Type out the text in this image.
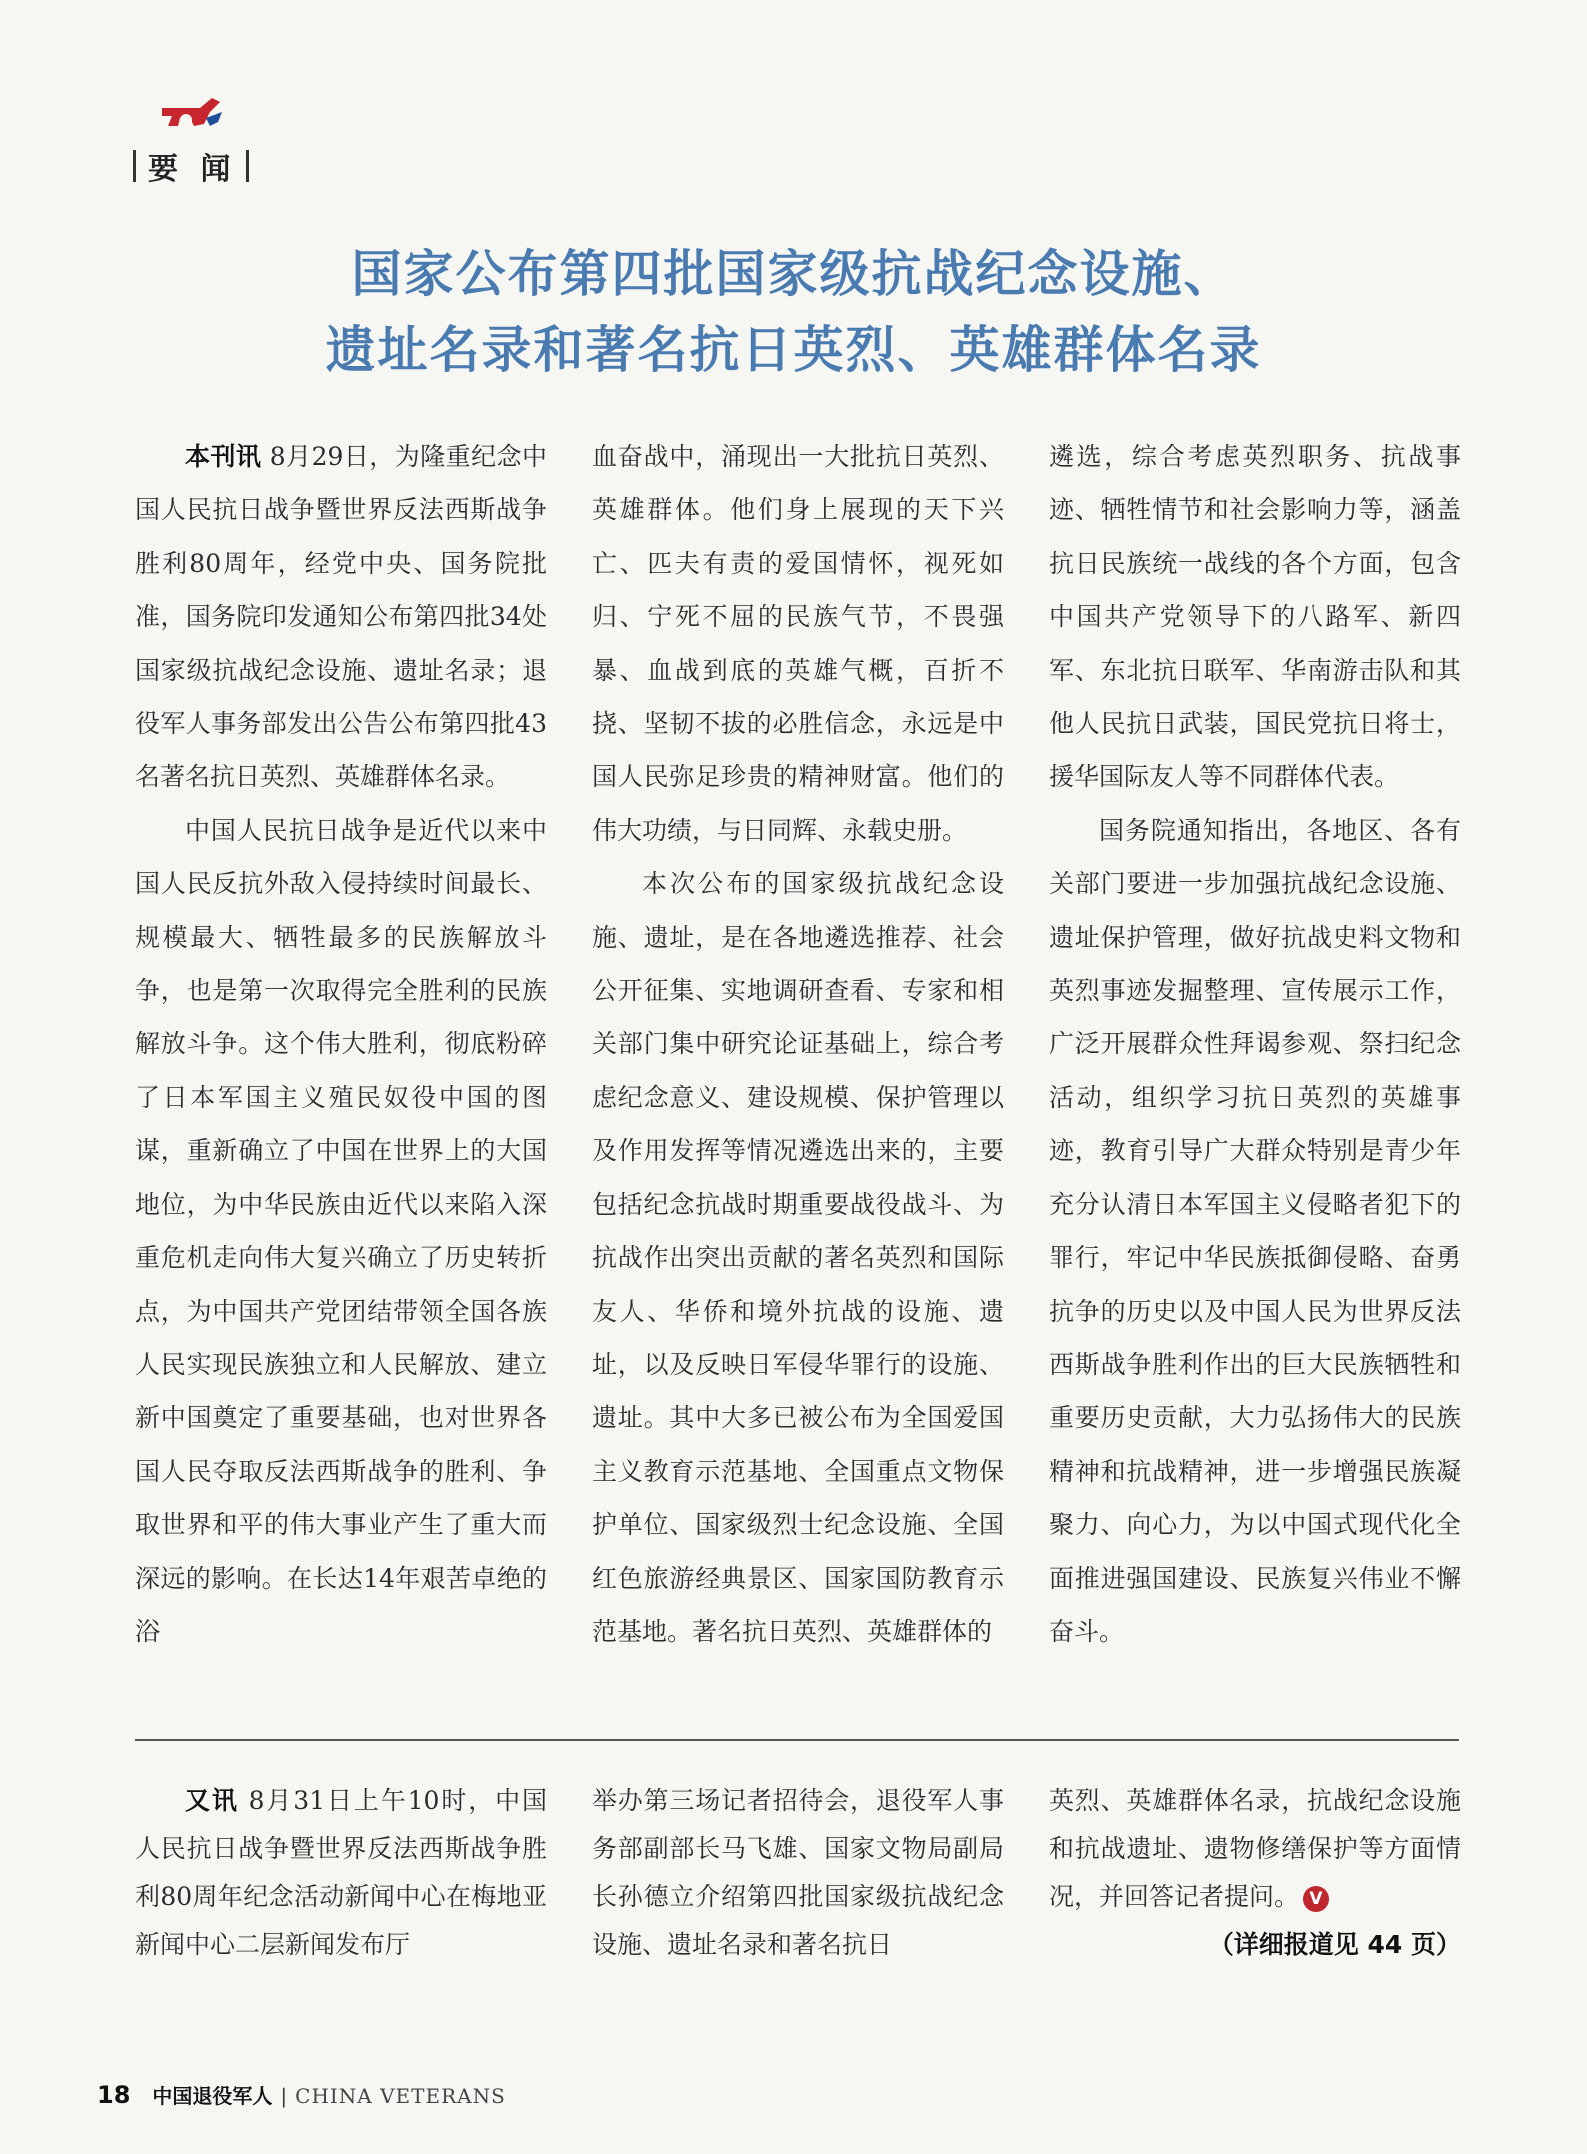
要 闻
国家公布第四批国家级抗战纪念设施、
遗址名录和著名抗日英烈、英雄群体名录

本刊讯 8月29日，为隆重纪念中国人民抗日战争暨世界反法西斯战争胜利80周年，经党中央、国务院批准，国务院印发通知公布第四批34处国家级抗战纪念设施、遗址名录；退役军人事务部发出公告公布第四批43名著名抗日英烈、英雄群体名录。

中国人民抗日战争是近代以来中国人民反抗外敌入侵持续时间最长、规模最大、牺牲最多的民族解放斗争，也是第一次取得完全胜利的民族解放斗争。这个伟大胜利，彻底粉碎了日本军国主义殖民奴役中国的图谋，重新确立了中国在世界上的大国地位，为中华民族由近代以来陷入深重危机走向伟大复兴确立了历史转折点，为中国共产党团结带领全国各族人民实现民族独立和人民解放、建立新中国奠定了重要基础，也对世界各国人民夺取反法西斯战争的胜利、争取世界和平的伟大事业产生了重大而深远的影响。在长达14年艰苦卓绝的浴

血奋战中，涌现出一大批抗日英烈、英雄群体。他们身上展现的天下兴亡、匹夫有责的爱国情怀，视死如归、宁死不屈的民族气节，不畏强暴、血战到底的英雄气概，百折不挠、坚韧不拔的必胜信念，永远是中国人民弥足珍贵的精神财富。他们的伟大功绩，与日同辉、永载史册。

本次公布的国家级抗战纪念设施、遗址，是在各地遴选推荐、社会公开征集、实地调研查看、专家和相关部门集中研究论证基础上，综合考虑纪念意义、建设规模、保护管理以及作用发挥等情况遴选出来的，主要包括纪念抗战时期重要战役战斗、为抗战作出突出贡献的著名英烈和国际友人、华侨和境外抗战的设施、遗址，以及反映日军侵华罪行的设施、遗址。其中大多已被公布为全国爱国主义教育示范基地、全国重点文物保护单位、国家级烈士纪念设施、全国红色旅游经典景区、国家国防教育示范基地。著名抗日英烈、英雄群体的

遴选，综合考虑英烈职务、抗战事迹、牺牲情节和社会影响力等，涵盖抗日民族统一战线的各个方面，包含中国共产党领导下的八路军、新四军、东北抗日联军、华南游击队和其他人民抗日武装，国民党抗日将士，援华国际友人等不同群体代表。

国务院通知指出，各地区、各有关部门要进一步加强抗战纪念设施、遗址保护管理，做好抗战史料文物和英烈事迹发掘整理、宣传展示工作，广泛开展群众性拜谒参观、祭扫纪念活动，组织学习抗日英烈的英雄事迹，教育引导广大群众特别是青少年充分认清日本军国主义侵略者犯下的罪行，牢记中华民族抵御侵略、奋勇抗争的历史以及中国人民为世界反法西斯战争胜利作出的巨大民族牺牲和重要历史贡献，大力弘扬伟大的民族精神和抗战精神，进一步增强民族凝聚力、向心力，为以中国式现代化全面推进强国建设、民族复兴伟业不懈奋斗。

又讯 8月31日上午10时，中国人民抗日战争暨世界反法西斯战争胜利80周年纪念活动新闻中心在梅地亚新闻中心二层新闻发布厅

举办第三场记者招待会，退役军人事务部副部长马飞雄、国家文物局副局长孙德立介绍第四批国家级抗战纪念设施、遗址名录和著名抗日

英烈、英雄群体名录，抗战纪念设施和抗战遗址、遗物修缮保护等方面情况，并回答记者提问。 V

（详细报道见 44 页）
18 中国退役军人 | CHINA VETERANS
